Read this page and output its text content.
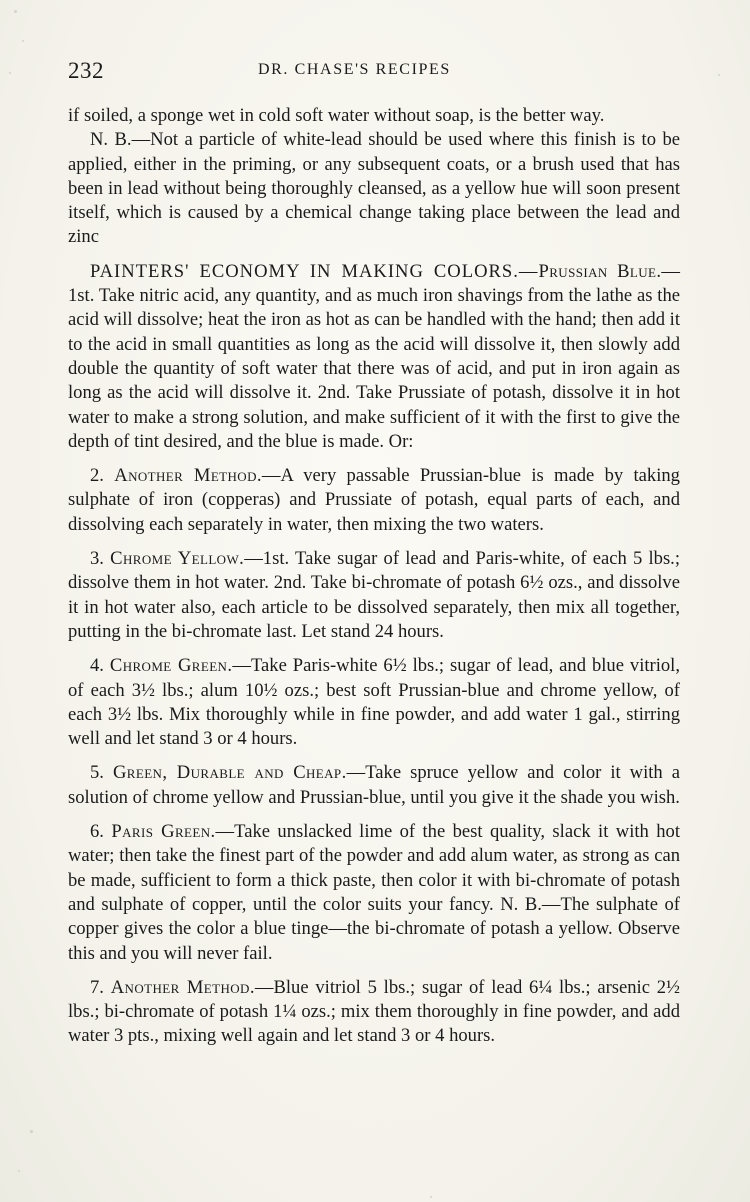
232	DR. CHASE'S RECIPES

if soiled, a sponge wet in cold soft water without soap, is the better way.

N. B.—Not a particle of white-lead should be used where this finish is to be applied, either in the priming, or any subsequent coats, or a brush used that has been in lead without being thoroughly cleansed, as a yellow hue will soon present itself, which is caused by a chemical change taking place between the lead and zinc

PAINTERS' ECONOMY IN MAKING COLORS.—Prussian Blue.—1st. Take nitric acid, any quantity, and as much iron shavings from the lathe as the acid will dissolve; heat the iron as hot as can be handled with the hand; then add it to the acid in small quantities as long as the acid will dissolve it, then slowly add double the quantity of soft water that there was of acid, and put in iron again as long as the acid will dissolve it. 2nd. Take Prussiate of potash, dissolve it in hot water to make a strong solution, and make sufficient of it with the first to give the depth of tint desired, and the blue is made. Or:

2. Another Method.—A very passable Prussian-blue is made by taking sulphate of iron (copperas) and Prussiate of potash, equal parts of each, and dissolving each separately in water, then mixing the two waters.

3. Chrome Yellow.—1st. Take sugar of lead and Paris-white, of each 5 lbs.; dissolve them in hot water. 2nd. Take bi-chromate of potash 6½ ozs., and dissolve it in hot water also, each article to be dissolved separately, then mix all together, putting in the bi-chromate last. Let stand 24 hours.

4. Chrome Green.—Take Paris-white 6½ lbs.; sugar of lead, and blue vitriol, of each 3½ lbs.; alum 10½ ozs.; best soft Prussian-blue and chrome yellow, of each 3½ lbs. Mix thoroughly while in fine powder, and add water 1 gal., stirring well and let stand 3 or 4 hours.

5. Green, Durable and Cheap.—Take spruce yellow and color it with a solution of chrome yellow and Prussian-blue, until you give it the shade you wish.

6. Paris Green.—Take unslacked lime of the best quality, slack it with hot water; then take the finest part of the powder and add alum water, as strong as can be made, sufficient to form a thick paste, then color it with bi-chromate of potash and sulphate of copper, until the color suits your fancy. N. B.—The sulphate of copper gives the color a blue tinge—the bi-chromate of potash a yellow. Observe this and you will never fail.

7. Another Method.—Blue vitriol 5 lbs.; sugar of lead 6¼ lbs.; arsenic 2½ lbs.; bi-chromate of potash 1¼ ozs.; mix them thoroughly in fine powder, and add water 3 pts., mixing well again and let stand 3 or 4 hours.
